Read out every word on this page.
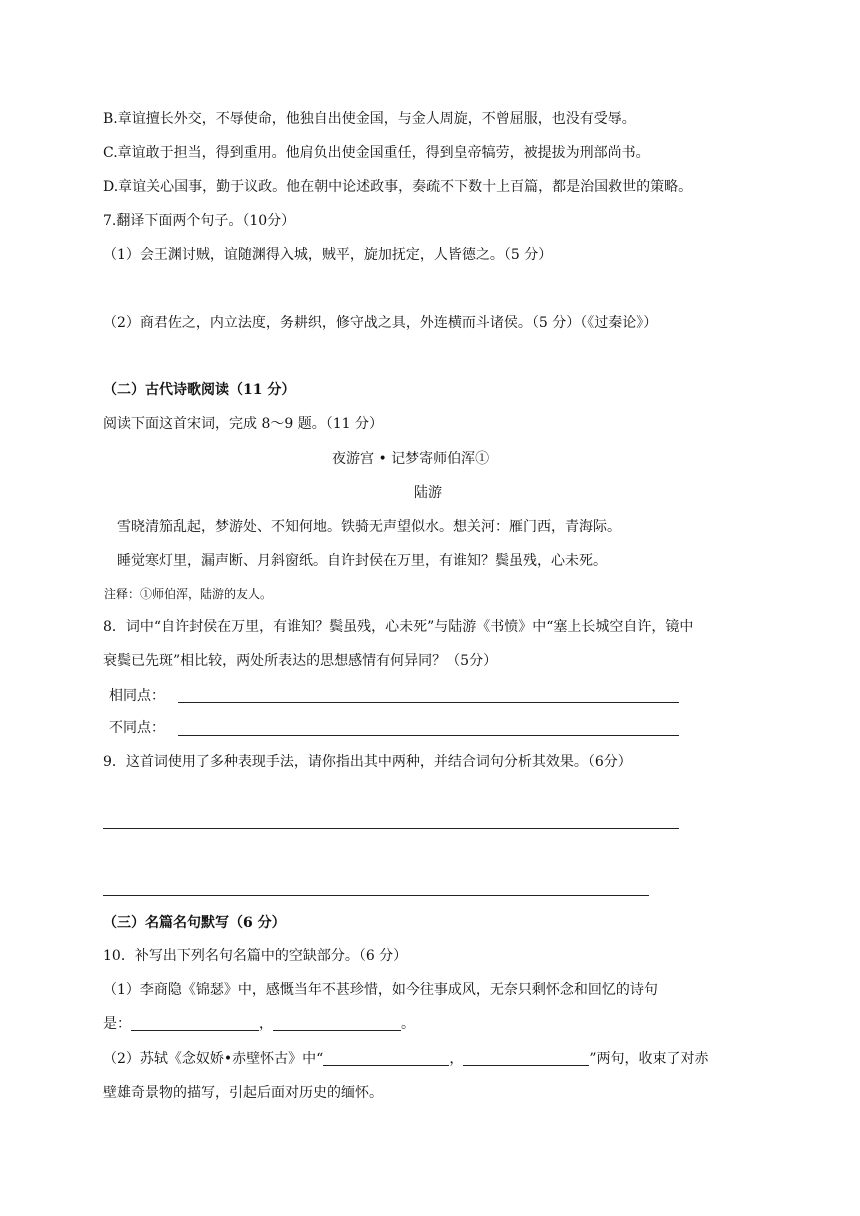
B.章谊擅长外交，不辱使命，他独自出使金国，与金人周旋，不曾屈服，也没有受辱。
C.章谊敢于担当，得到重用。他肩负出使金国重任，得到皇帝犒劳，被提拔为刑部尚书。
D.章谊关心国事，勤于议政。他在朝中论述政事，奏疏不下数十上百篇，都是治国救世的策略。
7.翻译下面两个句子。（10分）
（1）会王渊讨贼，谊随渊得入城，贼平，旋加抚定，人皆德之。（5 分）
（2）商君佐之，内立法度，务耕织，修守战之具，外连横而斗诸侯。（5 分）（《过秦论》）
（二）古代诗歌阅读（11 分）
阅读下面这首宋词，完成 8～9 题。（11 分）
夜游宫 • 记梦寄师伯浑①
陆游
雪晓清笳乱起，梦游处、不知何地。铁骑无声望似水。想关河：雁门西，青海际。
睡觉寒灯里，漏声断、月斜窗纸。自许封侯在万里，有谁知？鬓虽残，心未死。
注释：①师伯浑，陆游的友人。
8．词中“自许封侯在万里，有谁知？鬓虽残，心未死”与陆游《书愤》中“塞上长城空自许，镜中
衰鬓已先斑”相比较，两处所表达的思想感情有何异同？（5分）
相同点：
不同点：
9．这首词使用了多种表现手法，请你指出其中两种，并结合词句分析其效果。（6分）
（三）名篇名句默写（6 分）
10．补写出下列名句名篇中的空缺部分。（6 分）
（1）李商隐《锦瑟》中，感慨当年不甚珍惜，如今往事成风，无奈只剩怀念和回忆的诗句
是：	，	。
（2）苏轼《念奴娇•赤壁怀古》中“	，	”两句，收束了对赤
壁雄奇景物的描写，引起后面对历史的缅怀。
